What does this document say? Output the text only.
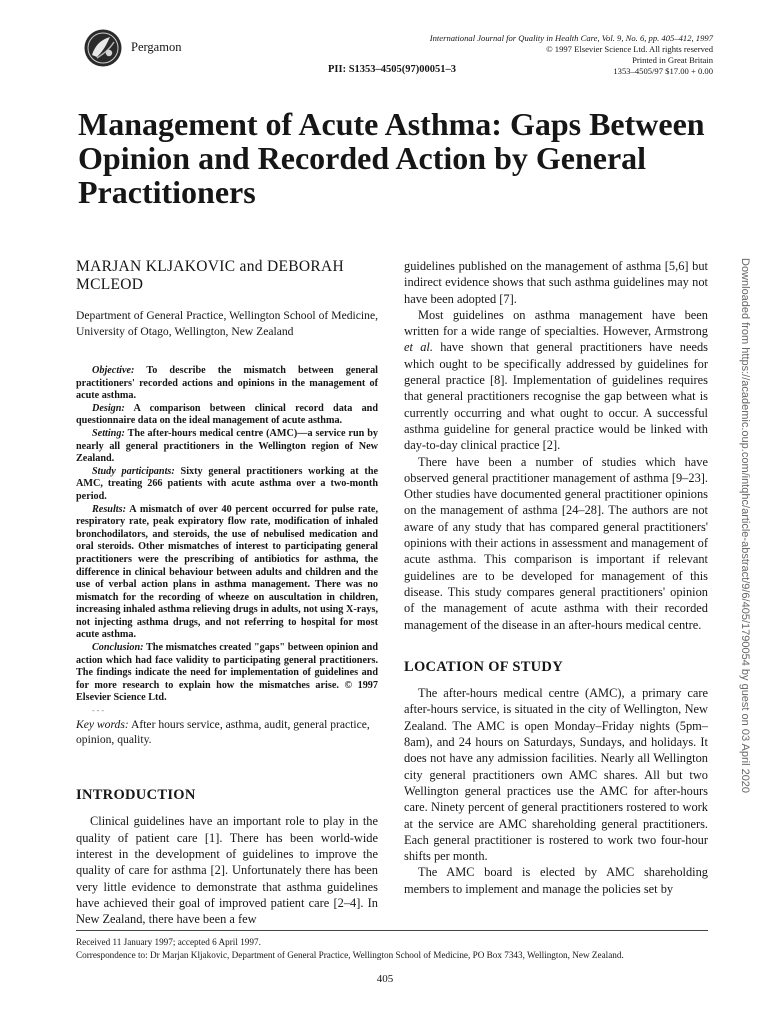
Pergamon
International Journal for Quality in Health Care, Vol. 9, No. 6, pp. 405–412, 1997
© 1997 Elsevier Science Ltd. All rights reserved
Printed in Great Britain
1353–4505/97 $17.00 + 0.00
PII: S1353–4505(97)00051–3
Management of Acute Asthma: Gaps Between
Opinion and Recorded Action by General
Practitioners

MARJAN KLJAKOVIC and DEBORAH MCLEOD

Department of General Practice, Wellington School of Medicine, University of Otago, Wellington, New Zealand

Objective: To describe the mismatch between general practitioners' recorded actions and opinions in the management of acute asthma.

Design: A comparison between clinical record data and questionnaire data on the ideal management of acute asthma.

Setting: The after-hours medical centre (AMC)—a service run by nearly all general practitioners in the Wellington region of New Zealand.

Study participants: Sixty general practitioners working at the AMC, treating 266 patients with acute asthma over a two-month period.

Results: A mismatch of over 40 percent occurred for pulse rate, respiratory rate, peak expiratory flow rate, modification of inhaled bronchodilators, and steroids, the use of nebulised medication and oral steroids. Other mismatches of interest to participating general practitioners were the prescribing of antibiotics for asthma, the difference in clinical behaviour between adults and children and the use of verbal action plans in asthma management. There was no mismatch for the recording of wheeze on auscultation in children, increasing inhaled asthma relieving drugs in adults, not using X-rays, not injecting asthma drugs, and not referring to hospital for most acute asthma.

Conclusion: The mismatches created "gaps" between opinion and action which had face validity to participating general practitioners. The findings indicate the need for implementation of guidelines and for more research to explain how the mismatches arise. © 1997 Elsevier Science Ltd.

- - -
Key words: After hours service, asthma, audit, general practice, opinion, quality.
INTRODUCTION

Clinical guidelines have an important role to play in the quality of patient care [1]. There has been world-wide interest in the development of guidelines to improve the quality of care for asthma [2]. Unfortunately there has been very little evidence to demonstrate that asthma guidelines have achieved their goal of improved patient care [2–4]. In New Zealand, there have been a few

guidelines published on the management of asthma [5,6] but indirect evidence shows that such asthma guidelines may not have been adopted [7].

Most guidelines on asthma management have been written for a wide range of specialties. However, Armstrong et al. have shown that general practitioners have needs which ought to be specifically addressed by guidelines for general practice [8]. Implementation of guidelines requires that general practitioners recognise the gap between what is currently occurring and what ought to occur. A successful asthma guideline for general practice would be linked with day-to-day clinical practice [2].

There have been a number of studies which have observed general practitioner management of asthma [9–23]. Other studies have documented general practitioner opinions on the management of asthma [24–28]. The authors are not aware of any study that has compared general practitioners' opinions with their actions in assessment and management of acute asthma. This comparison is important if relevant guidelines are to be developed for management of this disease. This study compares general practitioners' opinion of the management of acute asthma with their recorded management of the disease in an after-hours medical centre.

LOCATION OF STUDY

The after-hours medical centre (AMC), a primary care after-hours service, is situated in the city of Wellington, New Zealand. The AMC is open Monday–Friday nights (5pm–8am), and 24 hours on Saturdays, Sundays, and holidays. It does not have any admission facilities. Nearly all Wellington city general practitioners own AMC shares. All but two Wellington general practices use the AMC for after-hours care. Ninety percent of general practitioners rostered to work at the service are AMC shareholding general practitioners. Each general practitioner is rostered to work two four-hour shifts per month.

The AMC board is elected by AMC shareholding members to implement and manage the policies set by

Received 11 January 1997; accepted 6 April 1997.
Correspondence to: Dr Marjan Kljakovic, Department of General Practice, Wellington School of Medicine, PO Box 7343, Wellington, New Zealand.
405
Downloaded from https://academic.oup.com/intqhc/article-abstract/9/6/405/1790054 by guest on 03 April 2020
